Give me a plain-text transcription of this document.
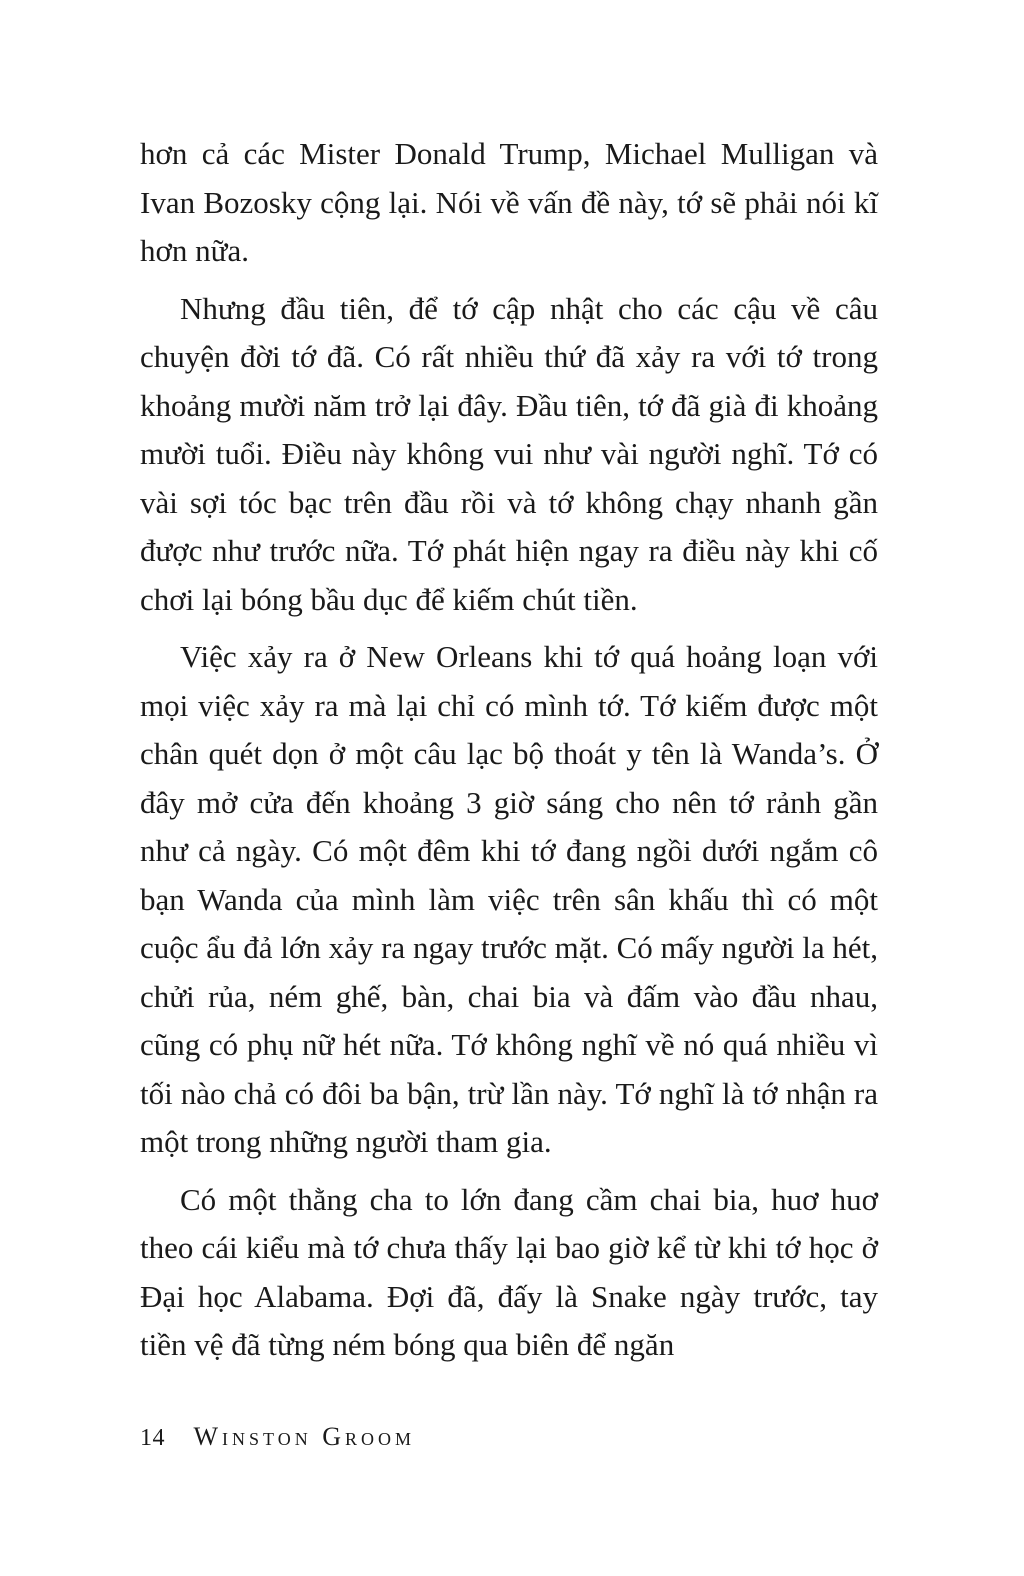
hơn cả các Mister Donald Trump, Michael Mulligan và Ivan Bozosky cộng lại. Nói về vấn đề này, tớ sẽ phải nói kĩ hơn nữa.

Nhưng đầu tiên, để tớ cập nhật cho các cậu về câu chuyện đời tớ đã. Có rất nhiều thứ đã xảy ra với tớ trong khoảng mười năm trở lại đây. Đầu tiên, tớ đã già đi khoảng mười tuổi. Điều này không vui như vài người nghĩ. Tớ có vài sợi tóc bạc trên đầu rồi và tớ không chạy nhanh gần được như trước nữa. Tớ phát hiện ngay ra điều này khi cố chơi lại bóng bầu dục để kiếm chút tiền.

Việc xảy ra ở New Orleans khi tớ quá hoảng loạn với mọi việc xảy ra mà lại chỉ có mình tớ. Tớ kiếm được một chân quét dọn ở một câu lạc bộ thoát y tên là Wanda’s. Ở đây mở cửa đến khoảng 3 giờ sáng cho nên tớ rảnh gần như cả ngày. Có một đêm khi tớ đang ngồi dưới ngắm cô bạn Wanda của mình làm việc trên sân khấu thì có một cuộc ẩu đả lớn xảy ra ngay trước mặt. Có mấy người la hét, chửi rủa, ném ghế, bàn, chai bia và đấm vào đầu nhau, cũng có phụ nữ hét nữa. Tớ không nghĩ về nó quá nhiều vì tối nào chả có đôi ba bận, trừ lần này. Tớ nghĩ là tớ nhận ra một trong những người tham gia.

Có một thằng cha to lớn đang cầm chai bia, huơ huơ theo cái kiểu mà tớ chưa thấy lại bao giờ kể từ khi tớ học ở Đại học Alabama. Đợi đã, đấy là Snake ngày trước, tay tiền vệ đã từng ném bóng qua biên để ngăn

14 Winston Groom
